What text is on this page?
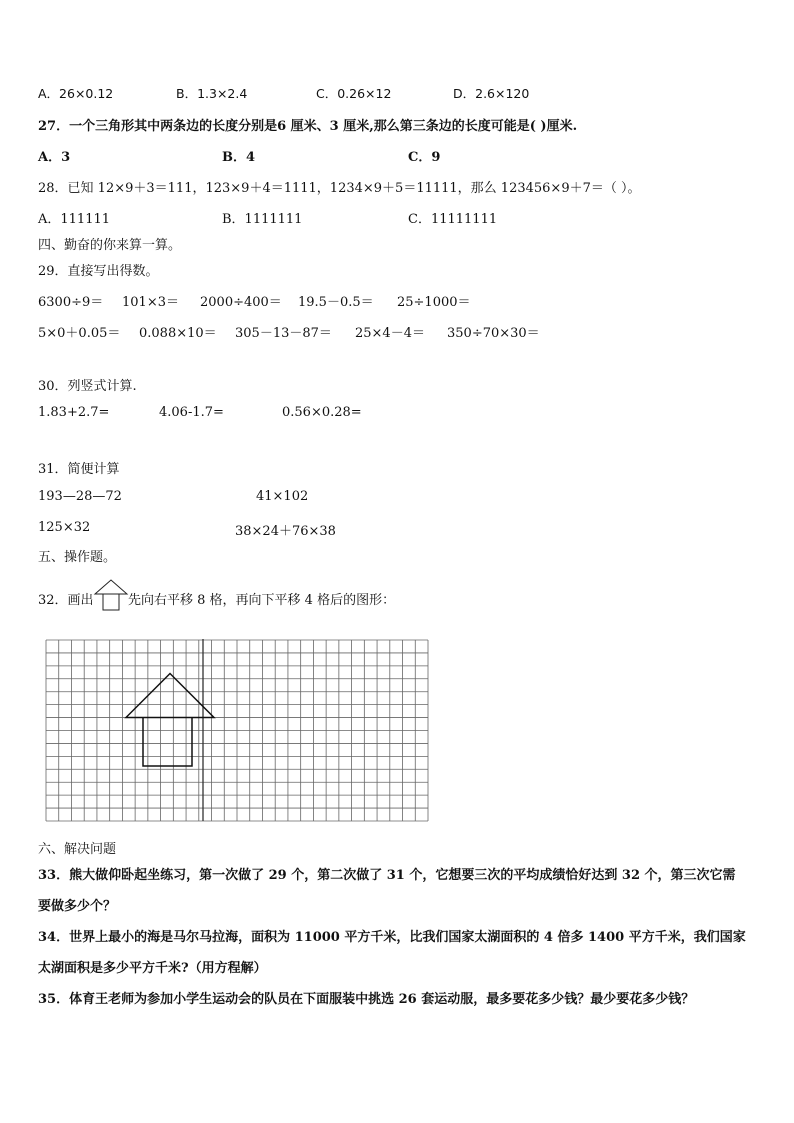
A．26×0.12	B．1.3×2.4	C．0.26×12	D．2.6×120
27．一个三角形其中两条边的长度分别是6 厘米、3 厘米,那么第三条边的长度可能是( )厘米.
A．3	B．4	C．9
28．已知 12×9＋3＝111，123×9＋4＝1111，1234×9＋5＝11111，那么 123456×9＋7＝（ ）。
A．111111	B．1111111	C．11111111
四、勤奋的你来算一算。
29．直接写出得数。
6300÷9＝ 101×3＝ 2000÷400＝ 19.5－0.5＝ 25÷1000＝
5×0＋0.05＝ 0.088×10＝ 305－13－87＝ 25×4－4＝ 350÷70×30＝
30．列竖式计算.
1.83+2.7=	4.06-1.7=	0.56×0.28=
31．简便计算
193—28—72	41×102
125×32	38×24＋76×38
五、操作题。
32．画出	先向右平移 8 格，再向下平移 4 格后的图形：
六、解决问题
33．熊大做仰卧起坐练习，第一次做了 29 个，第二次做了 31 个，它想要三次的平均成绩恰好达到 32 个，第三次它需
要做多少个？
34．世界上最小的海是马尔马拉海，面积为 11000 平方千米，比我们国家太湖面积的 4 倍多 1400 平方千米，我们国家
太湖面积是多少平方千米?（用方程解）
35．体育王老师为参加小学生运动会的队员在下面服装中挑选 26 套运动服，最多要花多少钱？最少要花多少钱？
